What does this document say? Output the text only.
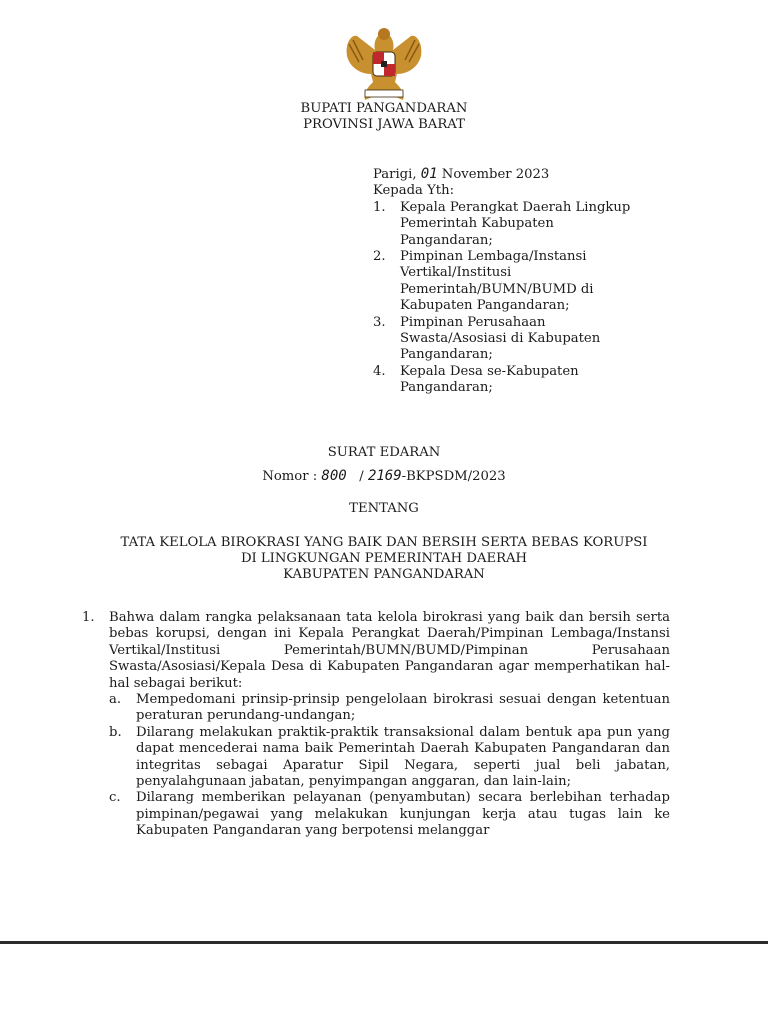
BUPATI PANGANDARAN
PROVINSI JAWA BARAT
Parigi, 01 November 2023
Kepada Yth:
1. Kepala Perangkat Daerah Lingkup
Pemerintah Kabupaten
Pangandaran;
2. Pimpinan Lembaga/Instansi
Vertikal/Institusi
Pemerintah/BUMN/BUMD di
Kabupaten Pangandaran;
3. Pimpinan Perusahaan
Swasta/Asosiasi di Kabupaten
Pangandaran;
4. Kepala Desa se-Kabupaten
Pangandaran;
SURAT EDARAN
Nomor : 800 / 2169-BKPSDM/2023
TENTANG
TATA KELOLA BIROKRASI YANG BAIK DAN BERSIH SERTA BEBAS KORUPSI
DI LINGKUNGAN PEMERINTAH DAERAH
KABUPATEN PANGANDARAN
1. Bahwa dalam rangka pelaksanaan tata kelola birokrasi yang baik dan bersih serta bebas korupsi, dengan ini Kepala Perangkat Daerah/Pimpinan Lembaga/Instansi Vertikal/Institusi Pemerintah/BUMN/BUMD/Pimpinan Perusahaan Swasta/Asosiasi/Kepala Desa di Kabupaten Pangandaran agar memperhatikan hal-hal sebagai berikut:
a. Mempedomani prinsip-prinsip pengelolaan birokrasi sesuai dengan ketentuan peraturan perundang-undangan;
b. Dilarang melakukan praktik-praktik transaksional dalam bentuk apa pun yang dapat mencederai nama baik Pemerintah Daerah Kabupaten Pangandaran dan integritas sebagai Aparatur Sipil Negara, seperti jual beli jabatan, penyalahgunaan jabatan, penyimpangan anggaran, dan lain-lain;
c. Dilarang memberikan pelayanan (penyambutan) secara berlebihan terhadap pimpinan/pegawai yang melakukan kunjungan kerja atau tugas lain ke Kabupaten Pangandaran yang berpotensi melanggar
